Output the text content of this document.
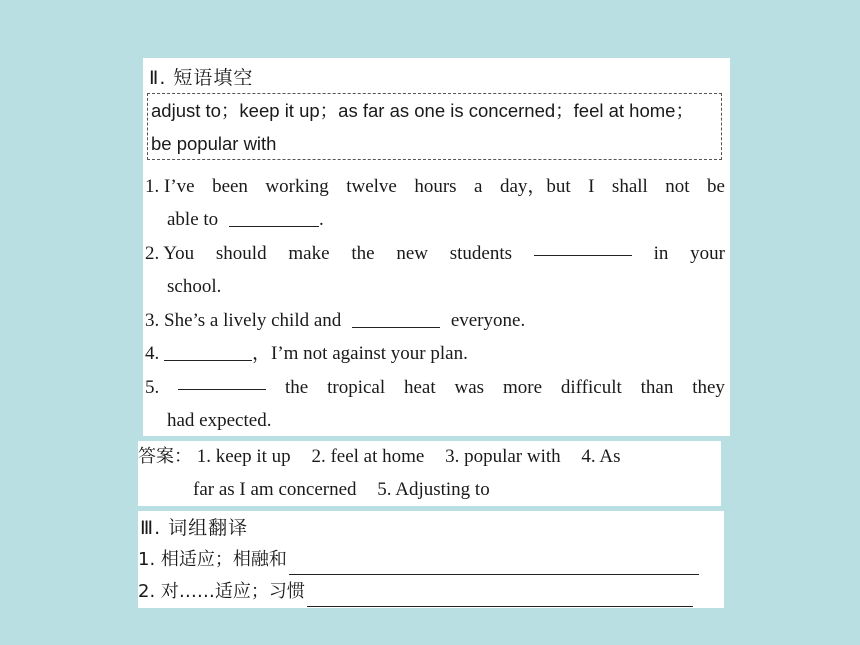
Ⅱ. 短语填空
adjust to；keep it up；as far as one is concerned；feel at home；
be popular with
1. I’ve been working twelve hours a day，but I shall not be
able to	.
2. You should make the new students	in your
school.
3. She’s a lively child and	everyone.
4.	，I’m not against your plan.
5.	the tropical heat was more difficult than they
had expected.
答案： 1. keep it up 2. feel at home 3. popular with 4. As
far as I am concerned 5. Adjusting to
Ⅲ. 词组翻译
1. 相适应；相融和
2. 对……适应；习惯
